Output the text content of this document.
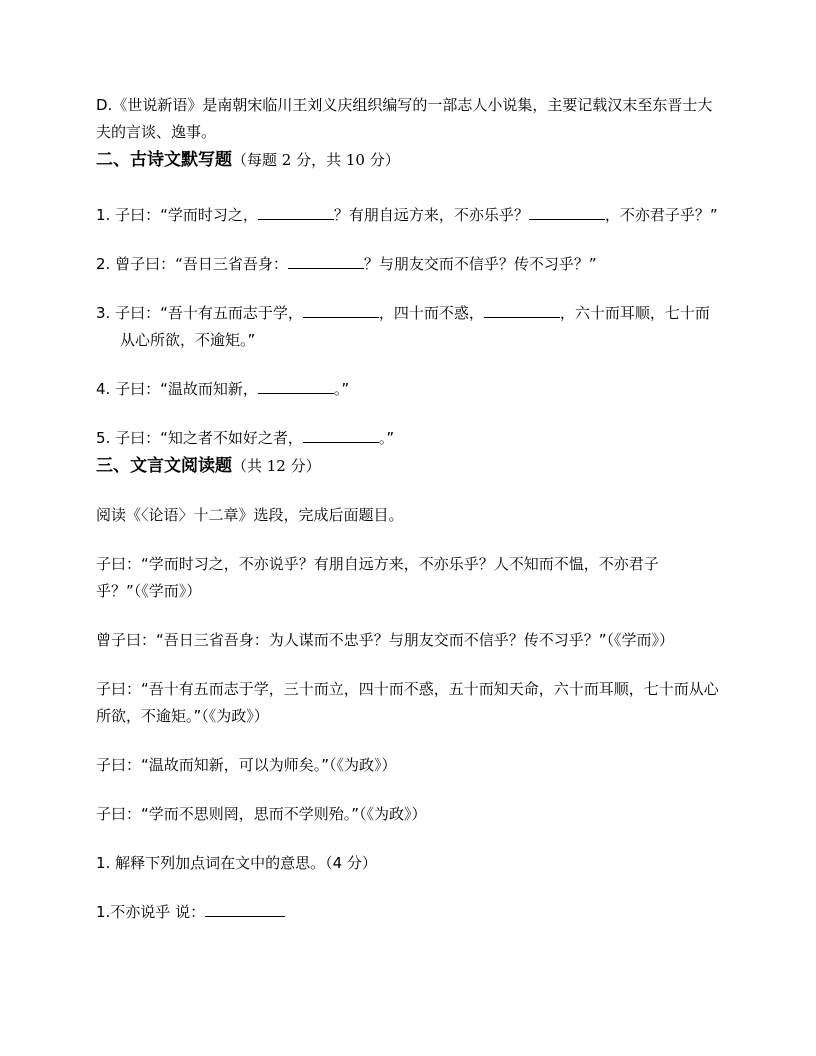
D.《世说新语》是南朝宋临川王刘义庆组织编写的一部志人小说集，主要记载汉末至东晋士大夫的言谈、逸事。

二、古诗文默写题（每题 2 分，共 10 分）

1. 子曰：“学而时习之，	？有朋自远方来，不亦乐乎？	，不亦君子乎？”

2. 曾子曰：“吾日三省吾身：	？与朋友交而不信乎？传不习乎？”

3. 子曰：“吾十有五而志于学，	，四十而不惑，	，六十而耳顺，七十而从心所欲，不逾矩。”

4. 子曰：“温故而知新，	。”

5. 子曰：“知之者不如好之者，	。”

三、文言文阅读题（共 12 分）

阅读《〈论语〉十二章》选段，完成后面题目。

子曰：“学而时习之，不亦说乎？有朋自远方来，不亦乐乎？人不知而不愠，不亦君子乎？”（《学而》）

曾子曰：“吾日三省吾身：为人谋而不忠乎？与朋友交而不信乎？传不习乎？”（《学而》）

子曰：“吾十有五而志于学，三十而立，四十而不惑，五十而知天命，六十而耳顺，七十而从心所欲，不逾矩。”（《为政》）

子曰：“温故而知新，可以为师矣。”（《为政》）

子曰：“学而不思则罔，思而不学则殆。”（《为政》）

1. 解释下列加点词在文中的意思。（4 分）

1.不亦说乎 说：
